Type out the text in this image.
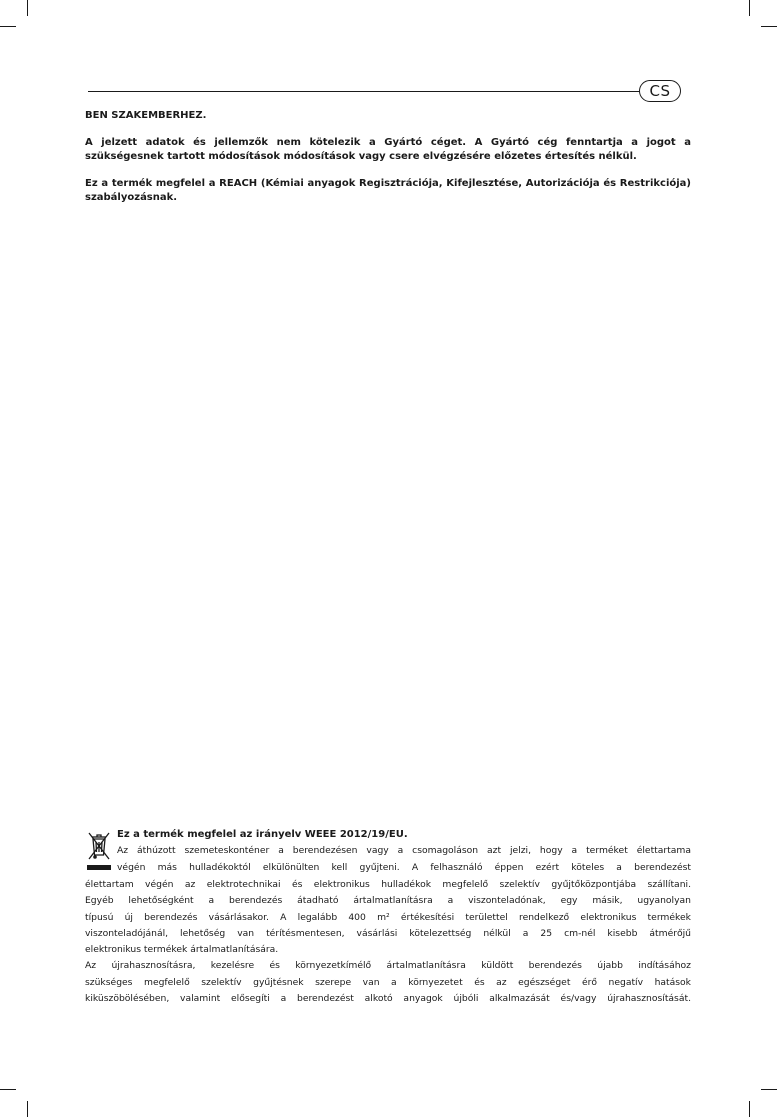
CS
BEN SZAKEMBERHEZ.
A jelzett adatok és jellemzők nem kötelezik a Gyártó céget. A Gyártó cég fenntartja a jogot a szükségesnek tartott módosítások módosítások vagy csere elvégzésére előzetes értesítés nélkül.
Ez a termék megfelel a REACH (Kémiai anyagok Regisztrációja, Kifejlesztése, Autorizációja és Restrikciója) szabályozásnak.
Ez a termék megfelel az irányelv WEEE 2012/19/EU.
Az áthúzott szemeteskonténer a berendezésen vagy a csomagoláson azt jelzi, hogy a terméket élettartama
végén más hulladékoktól elkülönülten kell gyűjteni. A felhasználó éppen ezért köteles a berendezést
élettartam végén az elektrotechnikai és elektronikus hulladékok megfelelő szelektív gyűjtőközpontjába szállítani.
Egyéb lehetőségként a berendezés átadható ártalmatlanításra a viszonteladónak, egy másik, ugyanolyan
típusú új berendezés vásárlásakor. A legalább 400 m² értékesítési területtel rendelkező elektronikus termékek
viszonteladójánál, lehetőség van térítésmentesen, vásárlási kötelezettség nélkül a 25 cm-nél kisebb átmérőjű
elektronikus termékek ártalmatlanítására.
Az újrahasznosításra, kezelésre és környezetkímélő ártalmatlanításra küldött berendezés újabb indításához
szükséges megfelelő szelektív gyűjtésnek szerepe van a környezetet és az egészséget érő negatív hatások
kiküszöbölésében, valamint elősegíti a berendezést alkotó anyagok újbóli alkalmazását és/vagy újrahasznosítását.
